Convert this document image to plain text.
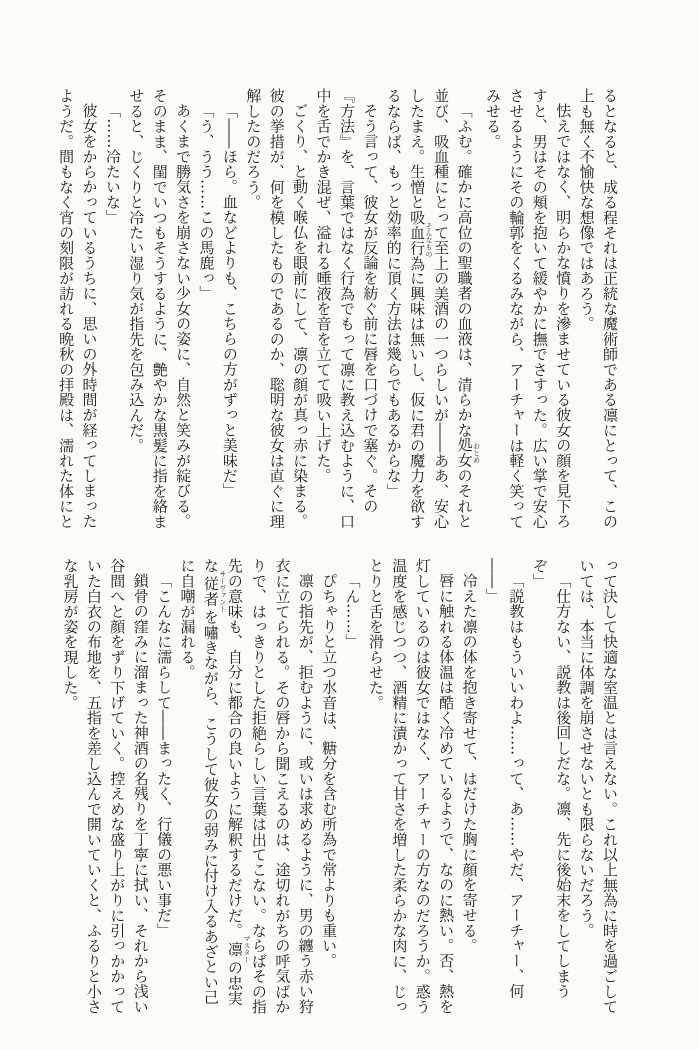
るとなると、成る程それは正統な魔術師である凛にとって、この上も無く不愉快な想像ではあろう。

怯えではなく、明らかな憤りを滲ませている彼女の顔を見下ろすと、男はその頬を抱いて緩やかに撫でさすった。広い掌で安心させるようにその輪郭をくるみながら、アーチャーは軽く笑ってみせる。

「ふむ。確かに高位の聖職者の血液は、清らかな処女 おとめのそれと並び、吸血種にとって至上の美酒の一つらしいが――ああ、安心したまえ。生憎と吸血行為 そんなものに興味は無いし、仮に君の魔力を欲するならば、もっと効率的に頂く方法は幾らでもあるからな」

そう言って、彼女が反論を紡ぐ前に唇を口づけで塞ぐ。その『方法』を、言葉ではなく行為でもって凛に教え込むように、口中を舌でかき混ぜ、溢れる唾液を音を立てて吸い上げた。

ごくり、と動く喉仏を眼前にして、凛の顔が真っ赤に染まる。彼の挙措が、何を模したものであるのか、聡明な彼女は直ぐに理解したのだろう。

「――ほら。血などよりも、こちらの方がずっと美味だ」

「う、うう……この馬鹿っ」

あくまで勝気さを崩さない少女の姿に、自然と笑みが綻びる。そのまま、閨でいつもそうするように、艶やかな黒髪に指を絡ませると、じくりと冷たい湿り気が指先を包み込んだ。

「……冷たいな」

彼女をからかっているうちに、思いの外時間が経ってしまったようだ。間もなく宵の刻限が訪れる晩秋の拝殿は、濡れた体にと

って決して快適な室温とは言えない。これ以上無為に時を過ごしていては、本当に体調を崩させないとも限らないだろう。

「仕方ない、説教は後回しだな。凛、先に後始末をしてしまうぞ」

「説教はもういいわよ……って、あ……やだ、アーチャー、何――」

冷えた凛の体を抱き寄せて、はだけた胸に顔を寄せる。

唇に触れる体温は酷く冷めているようで、なのに熱い。否、熱を灯しているのは彼女ではなく、アーチャーの方なのだろうか。惑う温度を感じつつ、酒精に漬かって甘さを増した柔らかな肉に、じっとりと舌を滑らせた。

「ん……」

ぴちゃりと立つ水音は、糖分を含む所為で常よりも重い。

凛の指先が、拒むように、或いは求めるように、男の纏う赤い狩衣に立てられる。その唇から聞こえるのは、途切れがちの呼気ばかりで、はっきりとした拒絶らしい言葉は出てこない。ならばその指先の意味も、自分に都合の良いように解釈するだけだ。凛 マスターの忠実な従者 サーヴァントを嘯きながら、こうして彼女の弱みに付け入るあざとい己に自嘲が漏れる。

「こんなに濡らして――まったく、行儀の悪い事だ」

鎖骨の窪みに溜まった神酒の名残りを丁寧に拭い、それから浅い谷間へと顔をずり下げていく。控えめな盛り上がりに引っかかっていた白衣の布地を、五指を差し込んで開いていくと、ふるりと小さな乳房が姿を現した。
